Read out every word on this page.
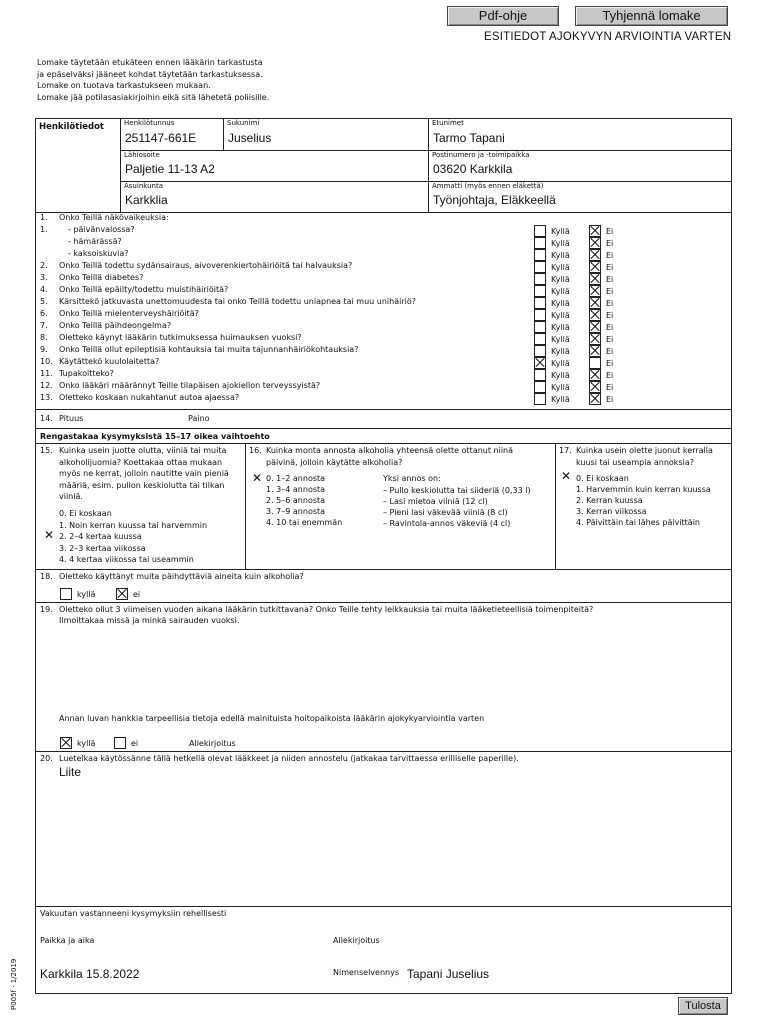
Pdf-ohje	Tyhjennä lomake
ESITIEDOT AJOKYVYN ARVIOINTIA VARTEN
Lomake täytetään etukäteen ennen lääkärin tarkastusta
ja epäselväksi jääneet kohdat täytetään tarkastuksessa.
Lomake on tuotava tarkastukseen mukaan.
Lomake jää potilasasiakirjoihin eikä sitä lähetetä poliisille.
Henkilötiedot	Henkilötunnus
251147-661E
Sukunimi
Juselius
Etunimet
Tarmo Tapani
Lähiosoite
Paljetie 11-13 A2
Postinumero ja -toimipaikka
03620 Karkkila
Asuinkunta
Karkklia
Ammatti (myös ennen eläkettä)
Työnjohtaja, Eläkkeellä
1. Onko Teillä näkövaikeuksia:
1.	- päivänvalossa?	Kyllä	Ei
- hämärässä?	Kyllä	Ei
- kaksoiskuvia?	Kyllä	Ei
2. Onko Teillä todettu sydänsairaus, aivoverenkiertohäiriöitä tai halvauksia?	Kyllä	Ei
3. Onko Teillä diabetes?	Kyllä	Ei
4. Onko Teillä epäilty/todettu muistihäiriöitä?	Kyllä	Ei
5. Kärsittekö jatkuvasta unettomuudesta tai onko Teillä todettu uniapnea tai muu unihäiriö?	Kyllä	Ei
6. Onko Teillä mielenterveyshäiriöitä?	Kyllä	Ei
7. Onko Teillä päihdeongelma?	Kyllä	Ei
8. Oletteko käynyt lääkärin tutkimuksessa huimauksen vuoksi?	Kyllä	Ei
9. Onko Teillä ollut epileptisiä kohtauksia tai muita tajunnanhäiriökohtauksia?	Kyllä	Ei
10. Käytättekö kuulolaitetta?	Kyllä	Ei
11. Tupakoitteko?	Kyllä	Ei
12. Onko lääkäri määrännyt Teille tilapäisen ajokiellon terveyssyistä?	Kyllä	Ei
13. Oletteko koskaan nukahtanut autoa ajaessa?	Kyllä	Ei
14. Pituus	Paino
Rengastakaa kysymyksistä 15–17 oikea vaihtoehto
15. Kuinka usein juotte olutta, viiniä tai muita
alkoholijuomia? Koettakaa ottaa mukaan
myös ne kerrat, jolloin nautitte vain pieniä
määriä, esim. pullon keskiolutta tai tilkan
viiniä.
0. Ei koskaan
1. Noin kerran kuussa tai harvemmin
2. 2–4 kertaa kuussa
3. 2–3 kertaa viikossa
4. 4 kertaa viikossa tai useammin
✕
16. Kuinka monta annosta alkoholia yhteensä olette ottanut niinä
päivinä, jolloin käytätte alkoholia?
0. 1–2 annosta
1. 3–4 annosta
2. 5–6 annosta
3. 7–9 annosta
4. 10 tai enemmän
✕	Yksi annos on:
– Pullo keskiolutta tai siideriä (0,33 l)
– Lasi mietoa viiniä (12 cl)
– Pieni lasi väkevää viiniä (8 cl)
– Ravintola-annos väkeviä (4 cl)
17. Kuinka usein olette juonut kerralla
kuusi tai useampia annoksia?
0. Ei koskaan
1. Harvemmin kuin kerran kuussa
2. Kerran kuussa
3. Kerran viikossa
4. Päivittäin tai lähes päivittäin
✕
18. Oletteko käyttänyt muita päihdyttäviä aineita kuin alkoholia?
kyllä	ei
19. Oletteko ollut 3 viimeisen vuoden aikana lääkärin tutkittavana? Onko Teille tehty leikkauksia tai muita lääketieteellisiä toimenpiteitä?
Ilmoittakaa missä ja minkä sairauden vuoksi.
Annan luvan hankkia tarpeellisia tietoja edellä mainituista hoitopaikoista lääkärin ajokykyarviointia varten
kyllä	ei	Allekirjoitus
20. Luetelkaa käytössänne tällä hetkellä olevat lääkkeet ja niiden annostelu (jatkakaa tarvittaessa erilliselle paperille).
Liite
Vakuutan vastanneeni kysymyksiin rehellisesti
Paikka ja aika
Karkkila 15.8.2022
Allekirjoitus
Nimenselvennys Tapani Juselius
P005f · 1/2019	Tulosta
